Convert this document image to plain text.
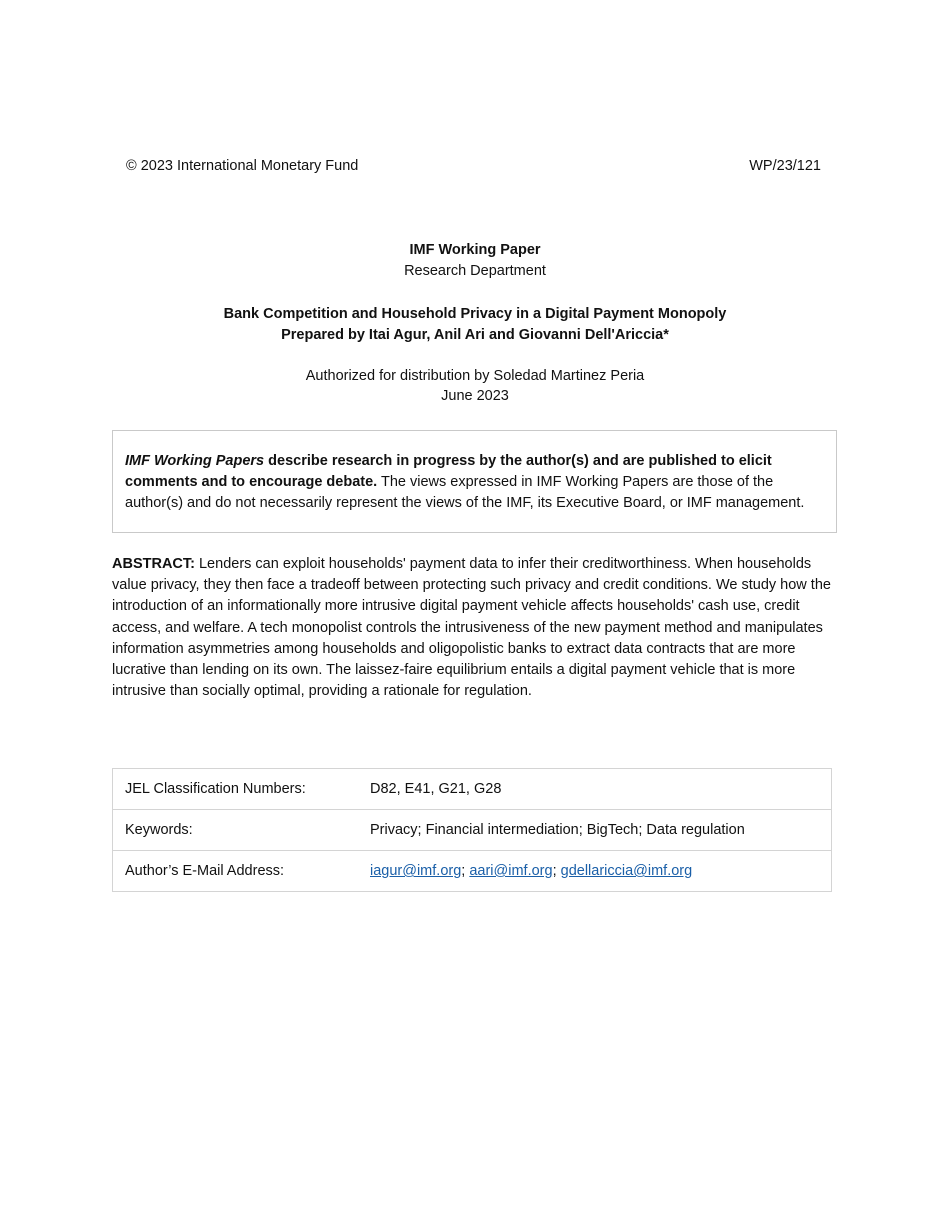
© 2023 International Monetary Fund	WP/23/121
IMF Working Paper
Research Department
Bank Competition and Household Privacy in a Digital Payment Monopoly
Prepared by Itai Agur, Anil Ari and Giovanni Dell'Ariccia*
Authorized for distribution by Soledad Martinez Peria
June 2023
IMF Working Papers describe research in progress by the author(s) and are published to elicit comments and to encourage debate. The views expressed in IMF Working Papers are those of the author(s) and do not necessarily represent the views of the IMF, its Executive Board, or IMF management.
ABSTRACT: Lenders can exploit households' payment data to infer their creditworthiness. When households value privacy, they then face a tradeoff between protecting such privacy and credit conditions. We study how the introduction of an informationally more intrusive digital payment vehicle affects households' cash use, credit access, and welfare. A tech monopolist controls the intrusiveness of the new payment method and manipulates information asymmetries among households and oligopolistic banks to extract data contracts that are more lucrative than lending on its own. The laissez-faire equilibrium entails a digital payment vehicle that is more intrusive than socially optimal, providing a rationale for regulation.
JEL Classification Numbers:	D82, E41, G21, G28
Keywords:	Privacy; Financial intermediation; BigTech; Data regulation
Author’s E-Mail Address:	iagur@imf.org; aari@imf.org; gdellariccia@imf.org
